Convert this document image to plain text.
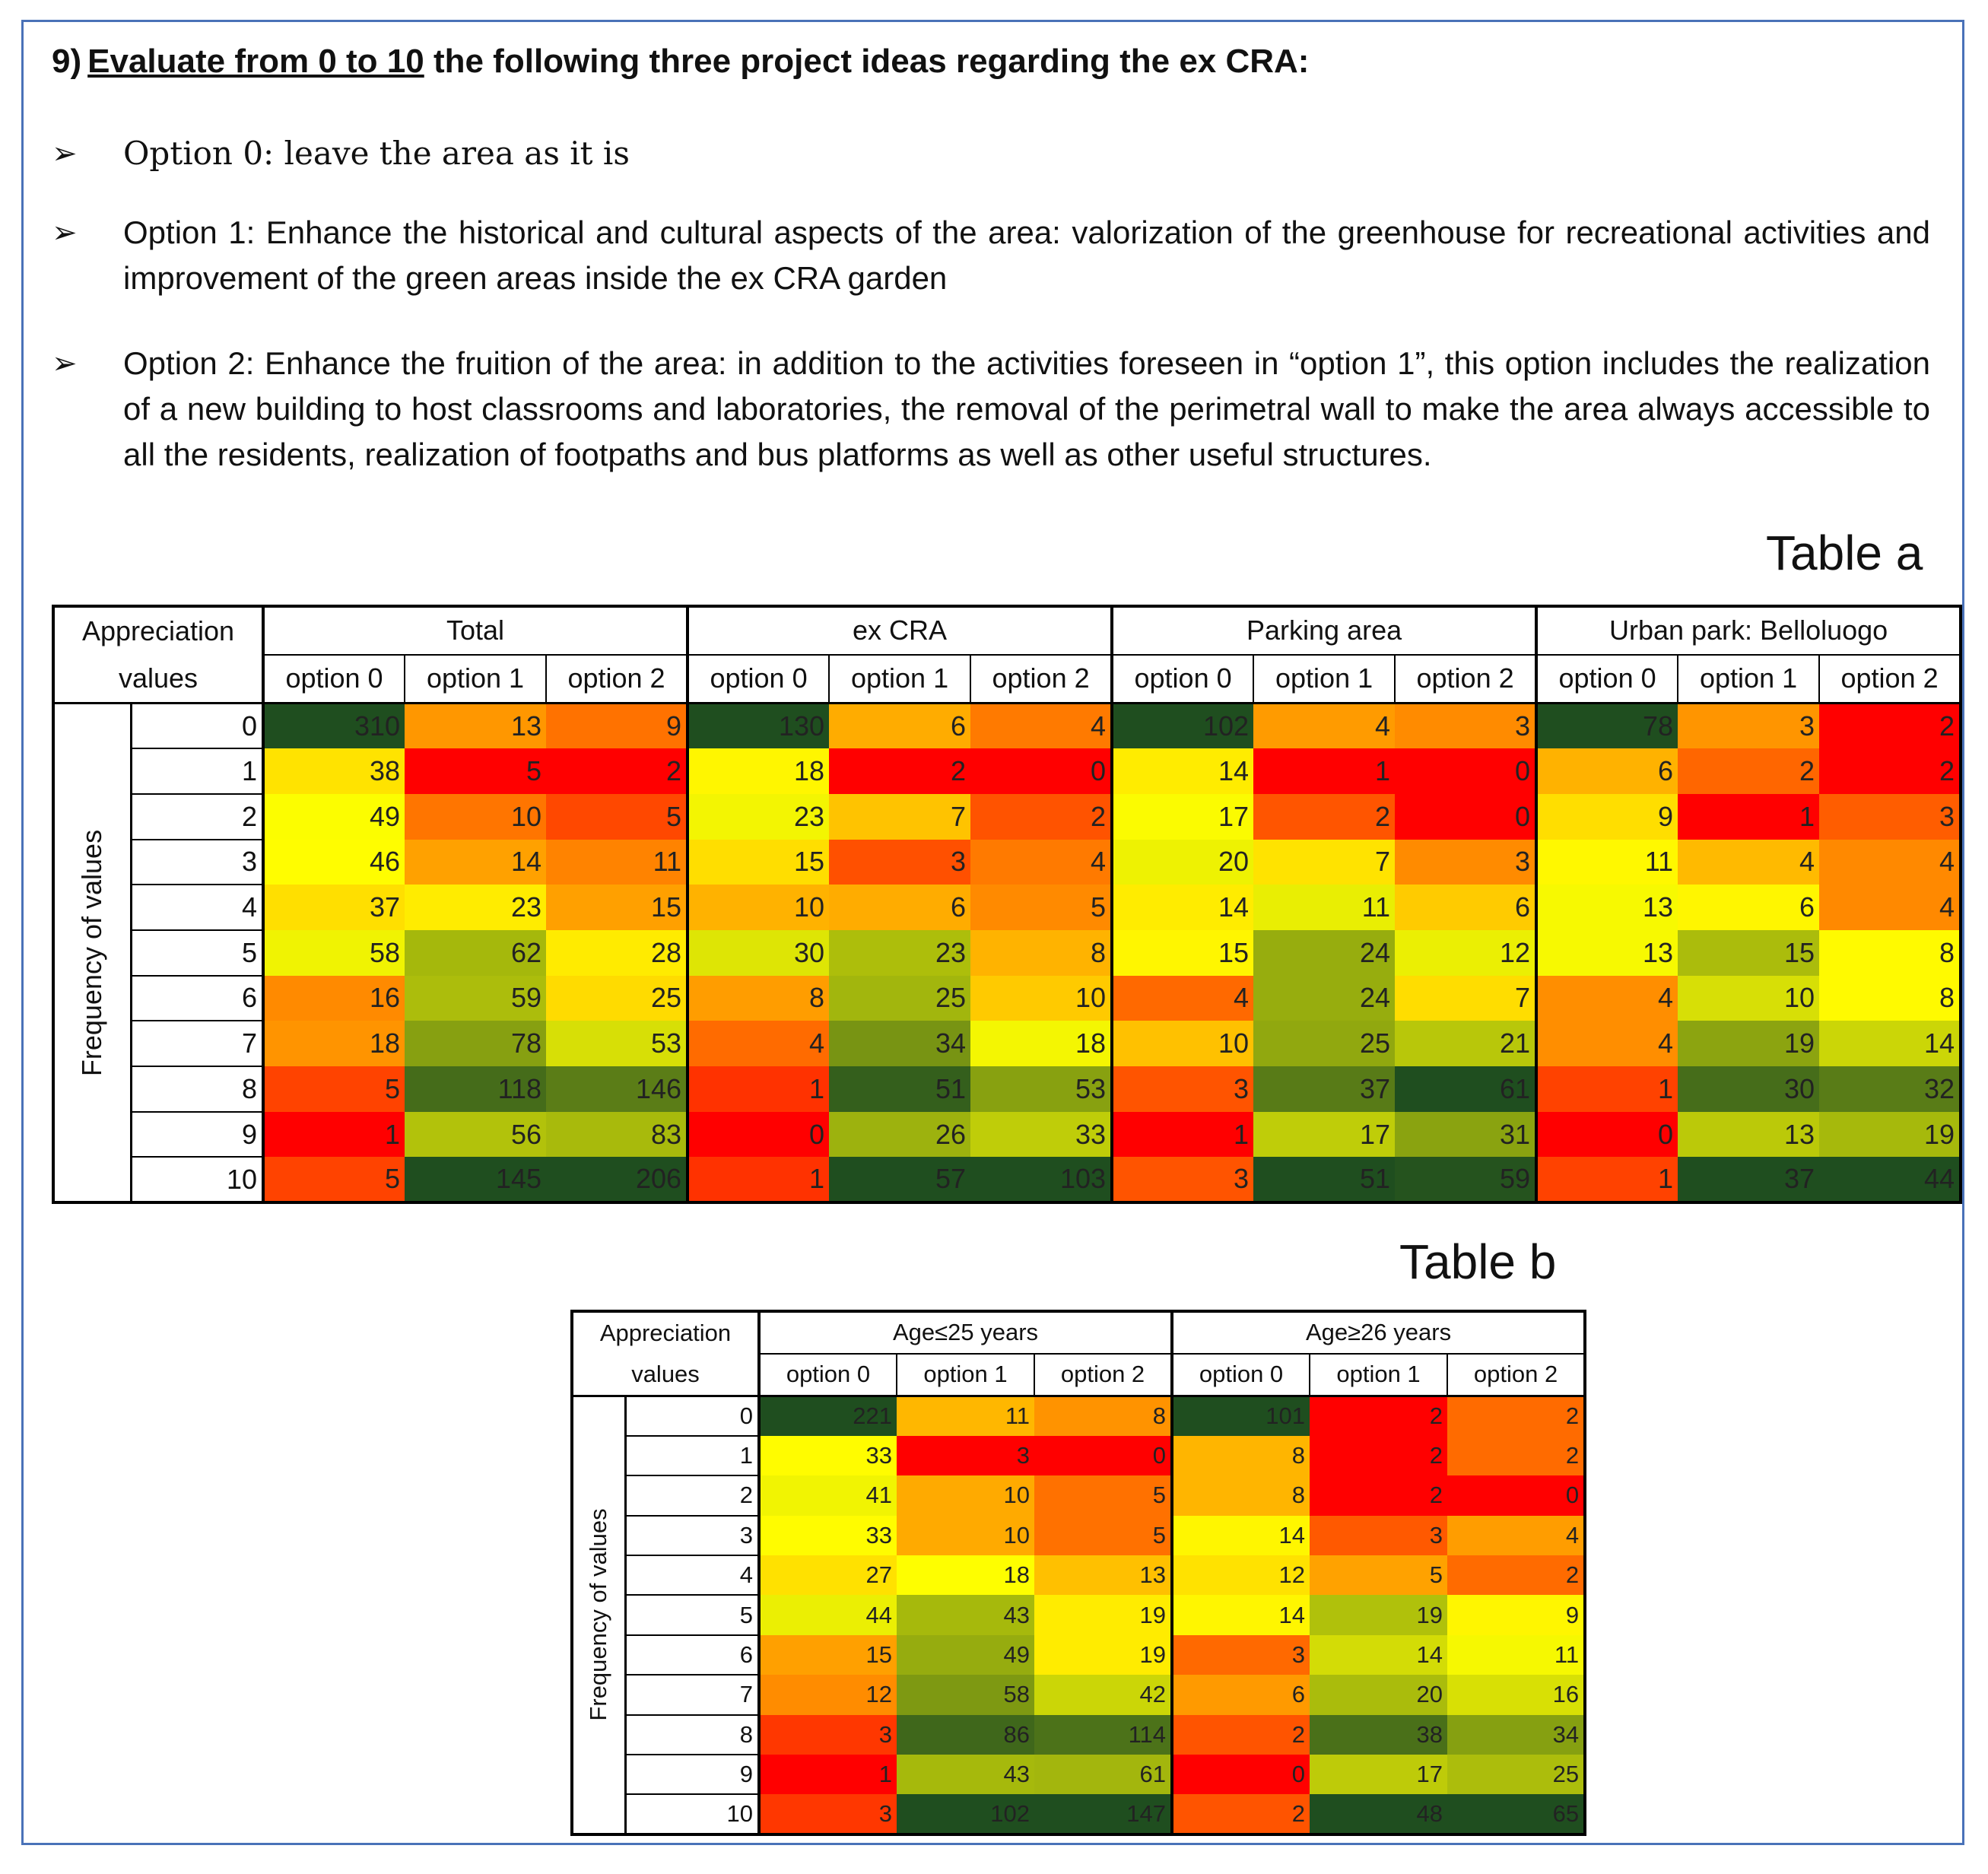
9) Evaluate from 0 to 10 the following three project ideas regarding the ex CRA:
➢ Option 0: leave the area as it is
➢ Option 1: Enhance the historical and cultural aspects of the area: valorization of the greenhouse for recreational activities and improvement of the green areas inside the ex CRA garden
➢ Option 2: Enhance the fruition of the area: in addition to the activities foreseen in “option 1”, this option includes the realization of a new building to host classrooms and laboratories, the removal of the perimetral wall to make the area always accessible to all the residents, realization of footpaths and bus platforms as well as other useful structures.
Table a
Appreciation values		Total			ex CRA			Parking area			Urban park: Belloluogo		
		option 0	option 1	option 2	option 0	option 1	option 2	option 0	option 1	option 2	option 0	option 1	option 2

Frequency of values	0	310	13	9	130	6	4	102	4	3	78	3	2
	1	38	5	2	18	2	0	14	1	0	6	2	2
	2	49	10	5	23	7	2	17	2	0	9	1	3
	3	46	14	11	15	3	4	20	7	3	11	4	4
	4	37	23	15	10	6	5	14	11	6	13	6	4
	5	58	62	28	30	23	8	15	24	12	13	15	8
	6	16	59	25	8	25	10	4	24	7	4	10	8
	7	18	78	53	4	34	18	10	25	21	4	19	14
	8	5	118	146	1	51	53	3	37	61	1	30	32
	9	1	56	83	0	26	33	1	17	31	0	13	19
	10	5	145	206	1	57	103	3	51	59	1	37	44
Table b
Appreciation values		Age≤25 years			Age≥26 years		
		option 0	option 1	option 2	option 0	option 1	option 2

Frequency of values	0	221	11	8	101	2	2
	1	33	3	0	8	2	2
	2	41	10	5	8	2	0
	3	33	10	5	14	3	4
	4	27	18	13	12	5	2
	5	44	43	19	14	19	9
	6	15	49	19	3	14	11
	7	12	58	42	6	20	16
	8	3	86	114	2	38	34
	9	1	43	61	0	17	25
	10	3	102	147	2	48	65
